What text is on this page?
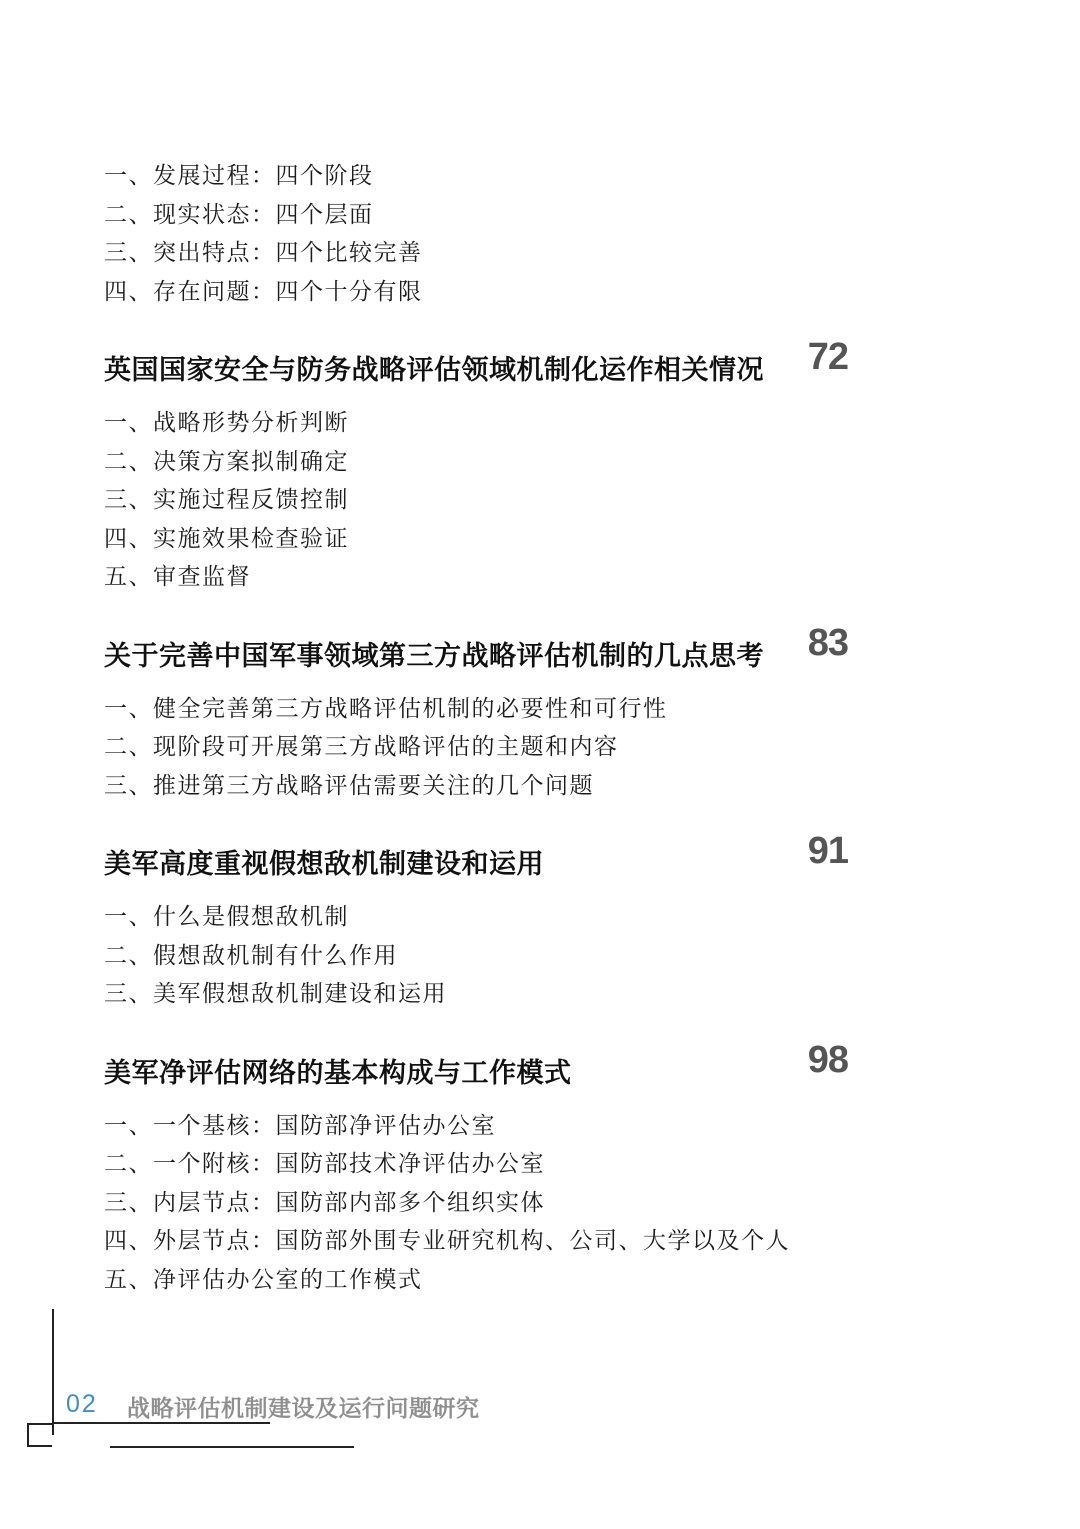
一、发展过程：四个阶段
二、现实状态：四个层面
三、突出特点：四个比较完善
四、存在问题：四个十分有限
英国国家安全与防务战略评估领域机制化运作相关情况 72
一、战略形势分析判断
二、决策方案拟制确定
三、实施过程反馈控制
四、实施效果检查验证
五、审查监督
关于完善中国军事领域第三方战略评估机制的几点思考 83
一、健全完善第三方战略评估机制的必要性和可行性
二、现阶段可开展第三方战略评估的主题和内容
三、推进第三方战略评估需要关注的几个问题
美军高度重视假想敌机制建设和运用	91
一、什么是假想敌机制
二、假想敌机制有什么作用
三、美军假想敌机制建设和运用
美军净评估网络的基本构成与工作模式	98
一、一个基核：国防部净评估办公室
二、一个附核：国防部技术净评估办公室
三、内层节点：国防部内部多个组织实体
四、外层节点：国防部外围专业研究机构、公司、大学以及个人
五、净评估办公室的工作模式
02 战略评估机制建设及运行问题研究
